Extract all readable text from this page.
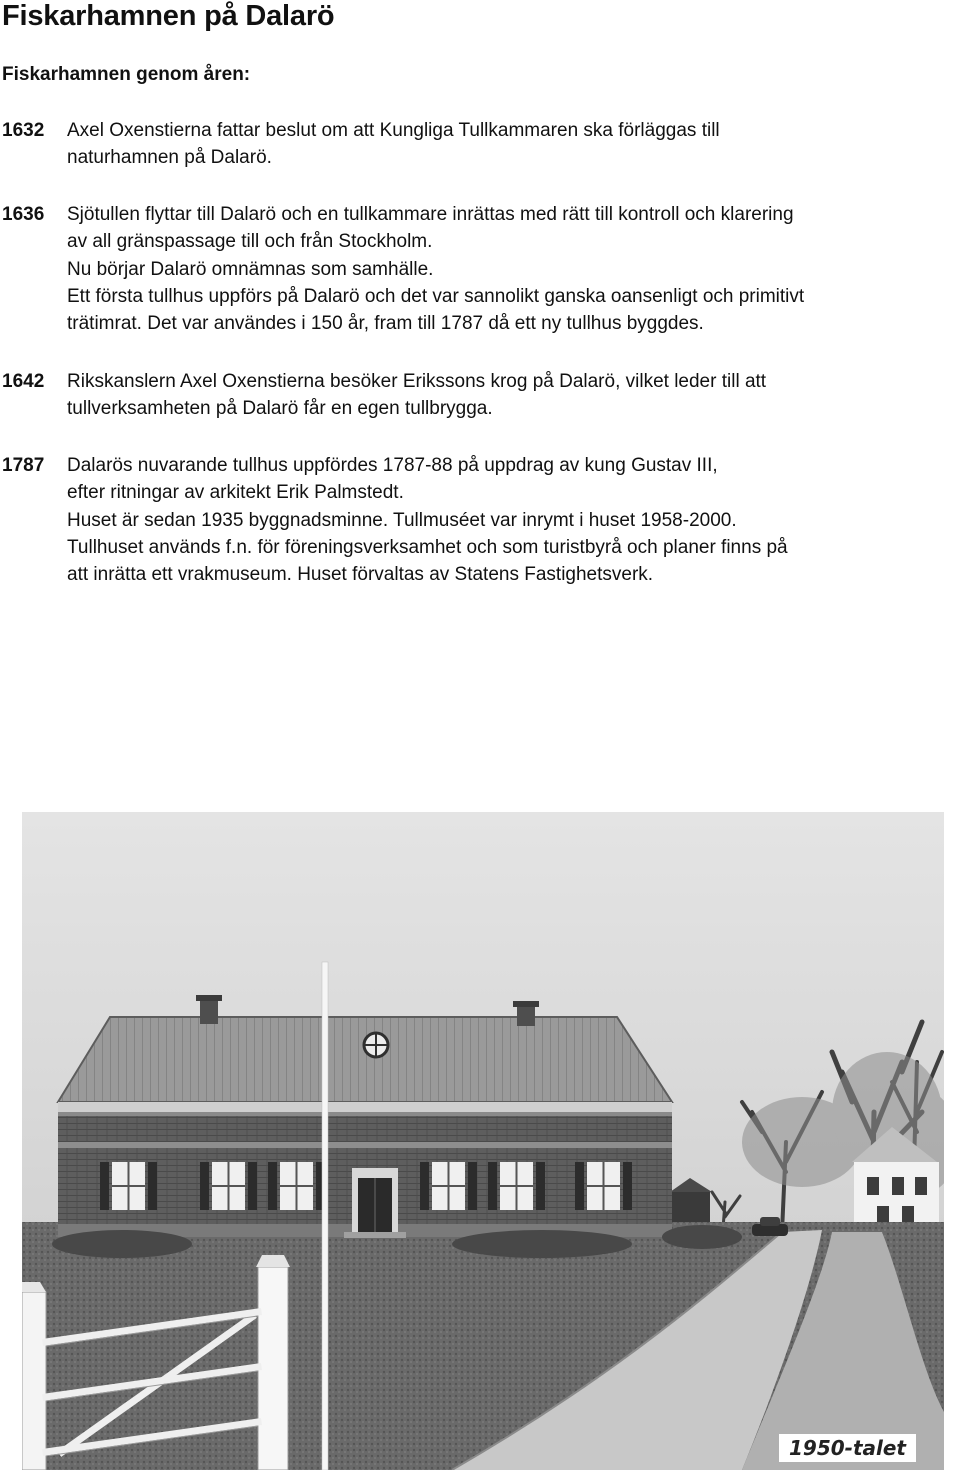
Fiskarhamnen på Dalarö
Fiskarhamnen genom åren:
1632 Axel Oxenstierna fattar beslut om att Kungliga Tullkammaren ska förläggas till
naturhamnen på Dalarö.
1636 Sjötullen flyttar till Dalarö och en tullkammare inrättas med rätt till kontroll och klarering
av all gränspassage till och från Stockholm.
Nu börjar Dalarö omnämnas som samhälle.
Ett första tullhus uppförs på Dalarö och det var sannolikt ganska oansenligt och primitivt
trätimrat. Det var användes i 150 år, fram till 1787 då ett ny tullhus byggdes.
1642 Rikskanslern Axel Oxenstierna besöker Erikssons krog på Dalarö, vilket leder till att
tullverksamheten på Dalarö får en egen tullbrygga.
1787 Dalarös nuvarande tullhus uppfördes 1787-88 på uppdrag av kung Gustav III,
efter ritningar av arkitekt Erik Palmstedt.
Huset är sedan 1935 byggnadsminne. Tullmuséet var inrymt i huset 1958-2000.
Tullhuset används f.n. för föreningsverksamhet och som turistbyrå och planer finns på
att inrätta ett vrakmuseum. Huset förvaltas av Statens Fastighetsverk.
1950-talet
